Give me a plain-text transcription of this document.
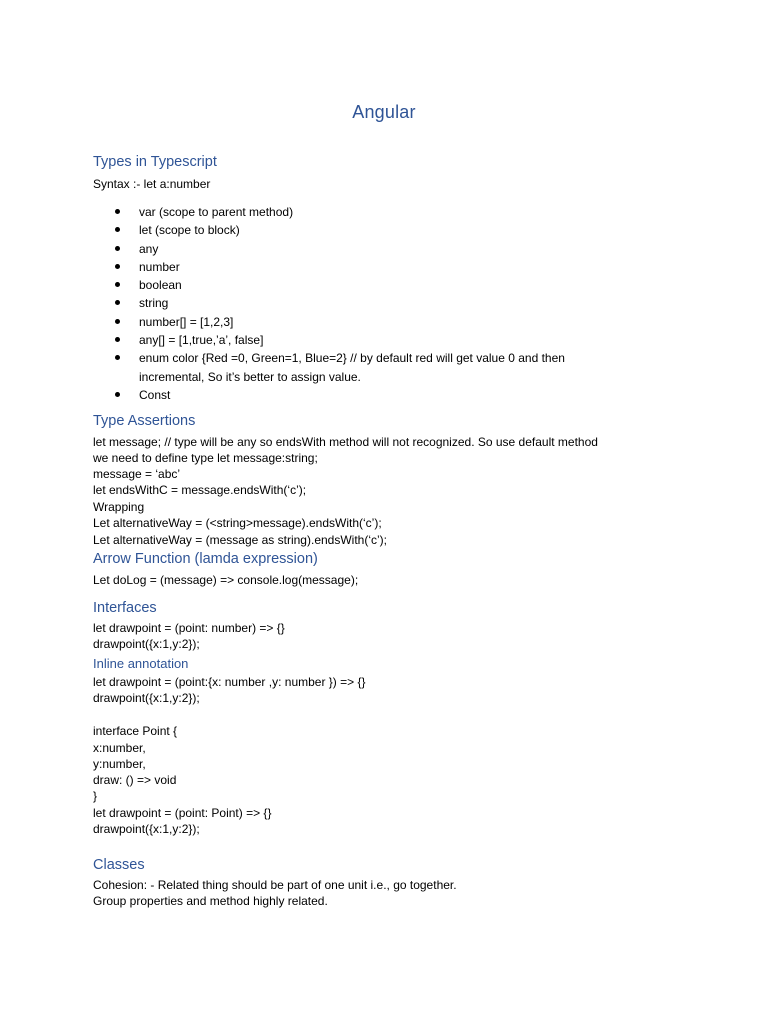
Angular
Types in Typescript
Syntax :- let a:number
var (scope to parent method)
let (scope to block)
any
number
boolean
string
number[] = [1,2,3]
any[] = [1,true,’a’, false]
enum color {Red =0, Green=1, Blue=2} // by default red will get value 0 and then incremental, So it’s better to assign value.
Const
Type Assertions
let message; // type will be any so endsWith method will not recognized. So use default method
we need to define type let message:string;
message = ‘abc’
let endsWithC = message.endsWith(‘c’);
Wrapping
Let alternativeWay = (<string>message).endsWith(‘c’);
Let alternativeWay = (message as string).endsWith(‘c’);
Arrow Function (lamda expression)
Let doLog = (message) => console.log(message);
Interfaces
let drawpoint = (point: number) => {}
drawpoint({x:1,y:2});
Inline annotation
let drawpoint = (point:{x: number ,y: number }) => {}
drawpoint({x:1,y:2});
interface Point {
x:number,
y:number,
draw: () => void
}
let drawpoint = (point: Point) => {}
drawpoint({x:1,y:2});
Classes
Cohesion: - Related thing should be part of one unit i.e., go together.
Group properties and method highly related.
